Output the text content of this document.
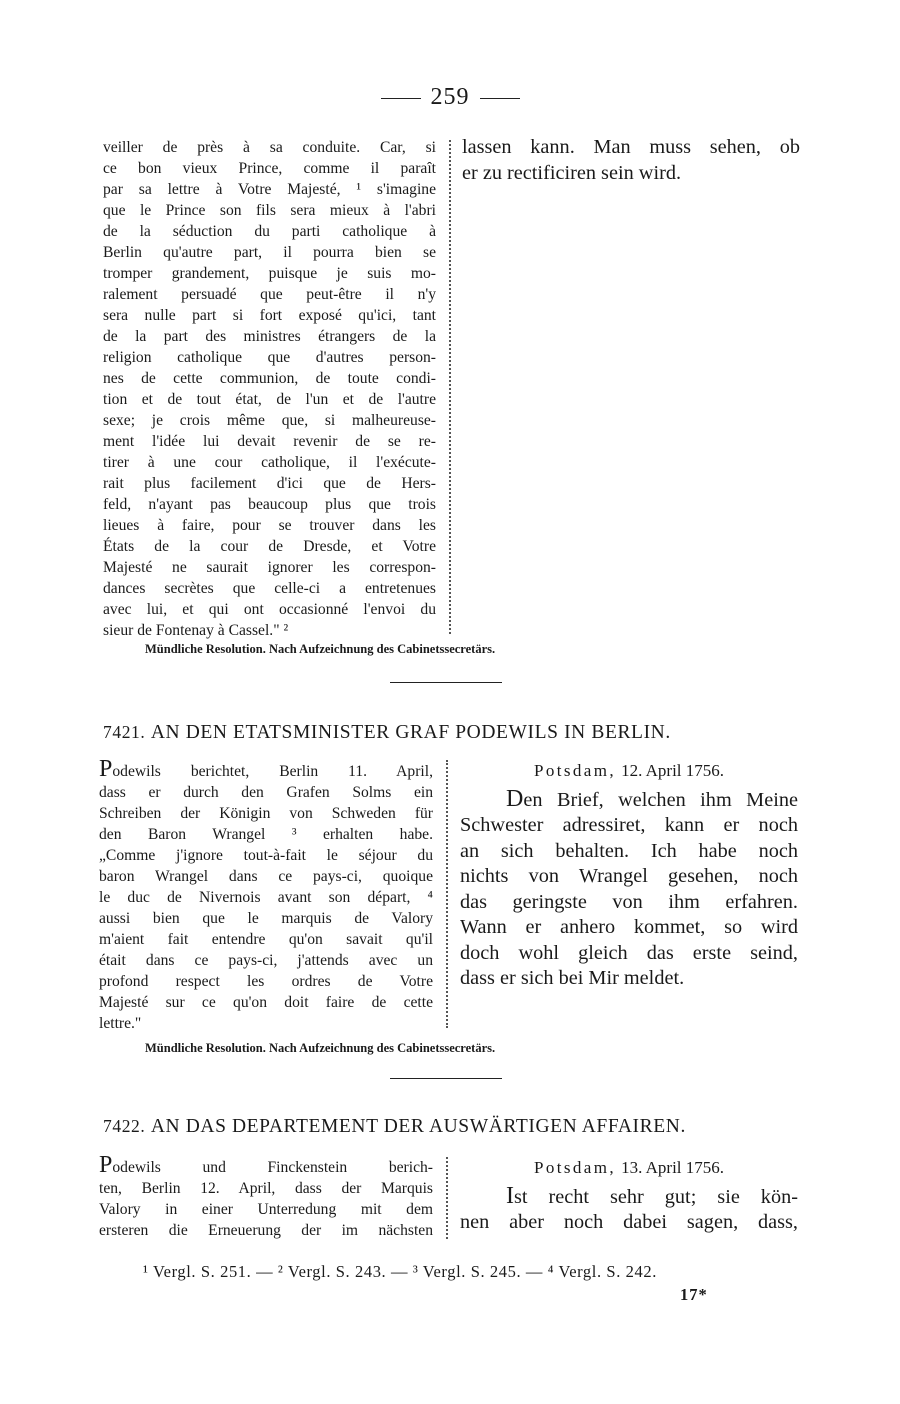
259
veiller de près à sa conduite. Car, si
ce bon vieux Prince, comme il paraît
par sa lettre à Votre Majesté, ¹ s'imagine
que le Prince son fils sera mieux à l'abri
de la séduction du parti catholique à
Berlin qu'autre part, il pourra bien se
tromper grandement, puisque je suis mo-
ralement persuadé que peut-être il n'y
sera nulle part si fort exposé qu'ici, tant
de la part des ministres étrangers de la
religion catholique que d'autres person-
nes de cette communion, de toute condi-
tion et de tout état, de l'un et de l'autre
sexe; je crois même que, si malheureuse-
ment l'idée lui devait revenir de se re-
tirer à une cour catholique, il l'exécute-
rait plus facilement d'ici que de Hers-
feld, n'ayant pas beaucoup plus que trois
lieues à faire, pour se trouver dans les
États de la cour de Dresde, et Votre
Majesté ne saurait ignorer les correspon-
dances secrètes que celle-ci a entretenues
avec lui, et qui ont occasionné l'envoi du
sieur de Fontenay à Cassel." ²
lassen kann. Man muss sehen, ob
er zu rectificiren sein wird.
Mündliche Resolution. Nach Aufzeichnung des Cabinetssecretärs.
7421. AN DEN ETATSMINISTER GRAF PODEWILS IN BERLIN.
Podewils berichtet, Berlin 11. April,
dass er durch den Grafen Solms ein
Schreiben der Königin von Schweden für
den Baron Wrangel ³ erhalten habe.
„Comme j'ignore tout-à-fait le séjour du
baron Wrangel dans ce pays-ci, quoique
le duc de Nivernois avant son départ, ⁴
aussi bien que le marquis de Valory
m'aient fait entendre qu'on savait qu'il
était dans ce pays-ci, j'attends avec un
profond respect les ordres de Votre
Majesté sur ce qu'on doit faire de cette
lettre."
Potsdam, 12. April 1756.
Den Brief, welchen ihm Meine
Schwester adressiret, kann er noch
an sich behalten. Ich habe noch
nichts von Wrangel gesehen, noch
das geringste von ihm erfahren.
Wann er anhero kommet, so wird
doch wohl gleich das erste seind,
dass er sich bei Mir meldet.
Mündliche Resolution. Nach Aufzeichnung des Cabinetssecretärs.
7422. AN DAS DEPARTEMENT DER AUSWÄRTIGEN AFFAIREN.
Podewils und Finckenstein berich-
ten, Berlin 12. April, dass der Marquis
Valory in einer Unterredung mit dem
ersteren die Erneuerung der im nächsten
Potsdam, 13. April 1756.
Ist recht sehr gut; sie kön-
nen aber noch dabei sagen, dass,
¹ Vergl. S. 251. — ² Vergl. S. 243. — ³ Vergl. S. 245. — ⁴ Vergl. S. 242.
17*
